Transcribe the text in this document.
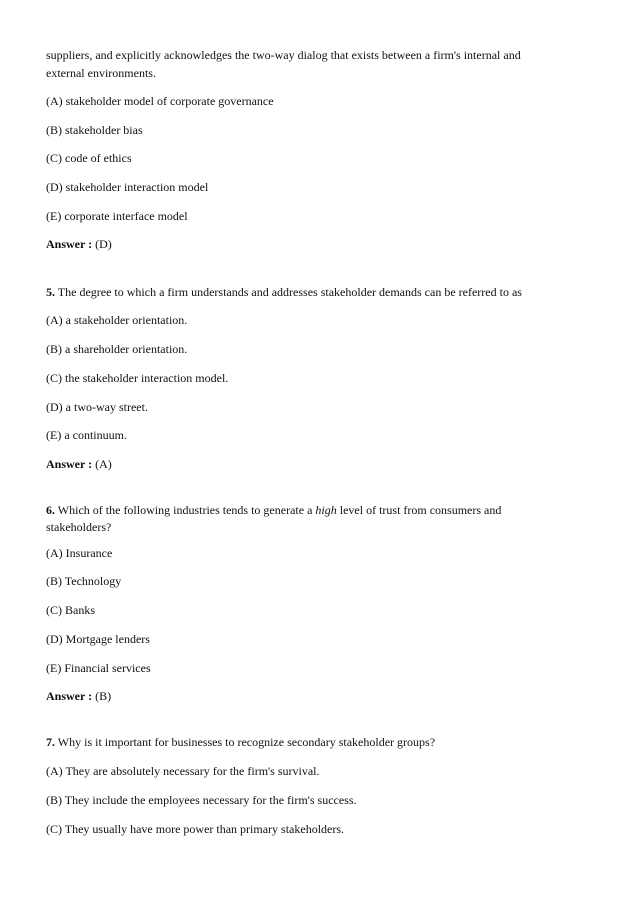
suppliers, and explicitly acknowledges the two-way dialog that exists between a firm's internal and
external environments.
(A) stakeholder model of corporate governance
(B) stakeholder bias
(C) code of ethics
(D) stakeholder interaction model
(E) corporate interface model
Answer : (D)
5. The degree to which a firm understands and addresses stakeholder demands can be referred to as
(A) a stakeholder orientation.
(B) a shareholder orientation.
(C) the stakeholder interaction model.
(D) a two-way street.
(E) a continuum.
Answer : (A)
6. Which of the following industries tends to generate a high level of trust from consumers and
stakeholders?
(A) Insurance
(B) Technology
(C) Banks
(D) Mortgage lenders
(E) Financial services
Answer : (B)
7. Why is it important for businesses to recognize secondary stakeholder groups?
(A) They are absolutely necessary for the firm's survival.
(B) They include the employees necessary for the firm's success.
(C) They usually have more power than primary stakeholders.
